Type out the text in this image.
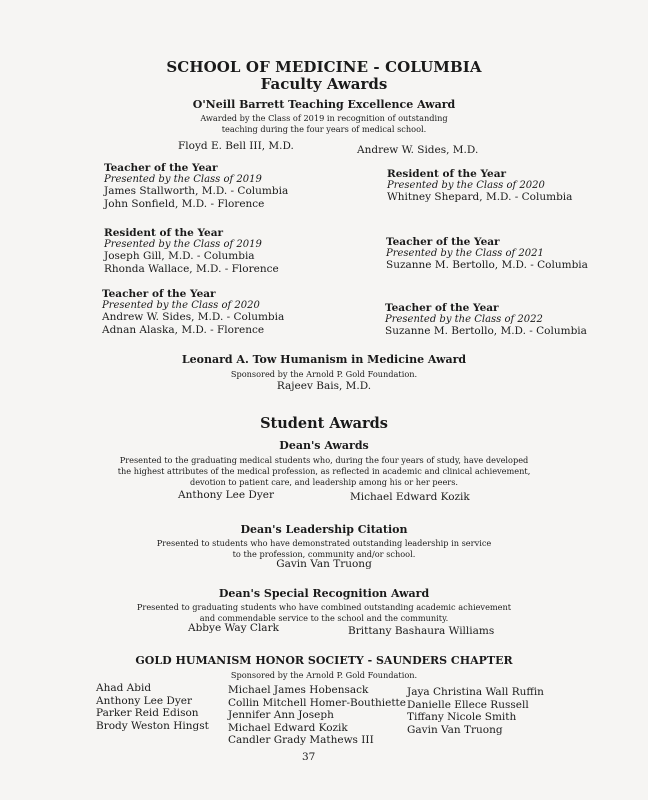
SCHOOL OF MEDICINE - COLUMBIA
Faculty Awards
O'Neill Barrett Teaching Excellence Award
Awarded by the Class of 2019 in recognition of outstanding
teaching during the four years of medical school.
Floyd E. Bell III, M.D.	Andrew W. Sides, M.D.
Teacher of the Year
Presented by the Class of 2019
James Stallworth, M.D. - Columbia
John Sonfield, M.D. - Florence
Resident of the Year
Presented by the Class of 2019
Joseph Gill, M.D. - Columbia
Rhonda Wallace, M.D. - Florence
Teacher of the Year
Presented by the Class of 2020
Andrew W. Sides, M.D. - Columbia
Adnan Alaska, M.D. - Florence
Resident of the Year
Presented by the Class of 2020
Whitney Shepard, M.D. - Columbia
Teacher of the Year
Presented by the Class of 2021
Suzanne M. Bertollo, M.D. - Columbia
Teacher of the Year
Presented by the Class of 2022
Suzanne M. Bertollo, M.D. - Columbia
Leonard A. Tow Humanism in Medicine Award
Sponsored by the Arnold P. Gold Foundation.
Rajeev Bais, M.D.
Student Awards
Dean's Awards
Presented to the graduating medical students who, during the four years of study, have developed
the highest attributes of the medical profession, as reflected in academic and clinical achievement,
devotion to patient care, and leadership among his or her peers.
Anthony Lee Dyer	Michael Edward Kozik
Dean's Leadership Citation
Presented to students who have demonstrated outstanding leadership in service
to the profession, community and/or school.
Gavin Van Truong
Dean's Special Recognition Award
Presented to graduating students who have combined outstanding academic achievement
and commendable service to the school and the community.
Abbye Way Clark	Brittany Bashaura Williams
GOLD HUMANISM HONOR SOCIETY - SAUNDERS CHAPTER
Sponsored by the Arnold P. Gold Foundation.
Ahad Abid
Anthony Lee Dyer
Parker Reid Edison
Brody Weston Hingst
Michael James Hobensack
Collin Mitchell Homer-Bouthiette
Jennifer Ann Joseph
Michael Edward Kozik
Candler Grady Mathews III
Jaya Christina Wall Ruffin
Danielle Ellece Russell
Tiffany Nicole Smith
Gavin Van Truong
37
